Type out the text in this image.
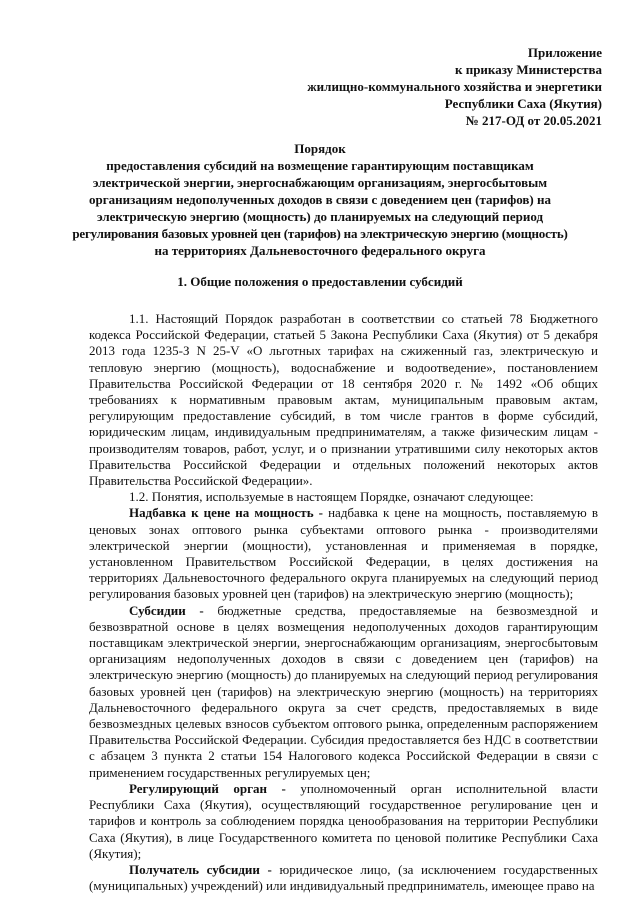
Приложение
к приказу Министерства
жилищно-коммунального хозяйства и энергетики
Республики Саха (Якутия)
№ 217-ОД от 20.05.2021
Порядок
предоставления субсидий на возмещение гарантирующим поставщикам
электрической энергии, энергоснабжающим организациям, энергосбытовым
организациям недополученных доходов в связи с доведением цен (тарифов) на
электрическую энергию (мощность) до планируемых на следующий период
регулирования базовых уровней цен (тарифов) на электрическую энергию (мощность)
на территориях Дальневосточного федерального округа
1. Общие положения о предоставлении субсидий

1.1. Настоящий Порядок разработан в соответствии со статьей 78 Бюджетного кодекса Российской Федерации, статьей 5 Закона Республики Саха (Якутия) от 5 декабря 2013 года 1235-З N 25-V «О льготных тарифах на сжиженный газ, электрическую и тепловую энергию (мощность), водоснабжение и водоотведение», постановлением Правительства Российской Федерации от 18 сентября 2020 г. № 1492 «Об общих требованиях к нормативным правовым актам, муниципальным правовым актам, регулирующим предоставление субсидий, в том числе грантов в форме субсидий, юридическим лицам, индивидуальным предпринимателям, а также физическим лицам - производителям товаров, работ, услуг, и о признании утратившими силу некоторых актов Правительства Российской Федерации и отдельных положений некоторых актов Правительства Российской Федерации».

1.2. Понятия, используемые в настоящем Порядке, означают следующее:

Надбавка к цене на мощность - надбавка к цене на мощность, поставляемую в ценовых зонах оптового рынка субъектами оптового рынка - производителями электрической энергии (мощности), установленная и применяемая в порядке, установленном Правительством Российской Федерации, в целях достижения на территориях Дальневосточного федерального округа планируемых на следующий период регулирования базовых уровней цен (тарифов) на электрическую энергию (мощность);

Субсидии - бюджетные средства, предоставляемые на безвозмездной и безвозвратной основе в целях возмещения недополученных доходов гарантирующим поставщикам электрической энергии, энергоснабжающим организациям, энергосбытовым организациям недополученных доходов в связи с доведением цен (тарифов) на электрическую энергию (мощность) до планируемых на следующий период регулирования базовых уровней цен (тарифов) на электрическую энергию (мощность) на территориях Дальневосточного федерального округа за счет средств, предоставляемых в виде безвозмездных целевых взносов субъектом оптового рынка, определенным распоряжением Правительства Российской Федерации. Субсидия предоставляется без НДС в соответствии с абзацем 3 пункта 2 статьи 154 Налогового кодекса Российской Федерации в связи с применением государственных регулируемых цен;

Регулирующий орган - уполномоченный орган исполнительной власти Республики Саха (Якутия), осуществляющий государственное регулирование цен и тарифов и контроль за соблюдением порядка ценообразования на территории Республики Саха (Якутия), в лице Государственного комитета по ценовой политике Республики Саха (Якутия);

Получатель субсидии - юридическое лицо, (за исключением государственных (муниципальных) учреждений) или индивидуальный предприниматель, имеющее право на
